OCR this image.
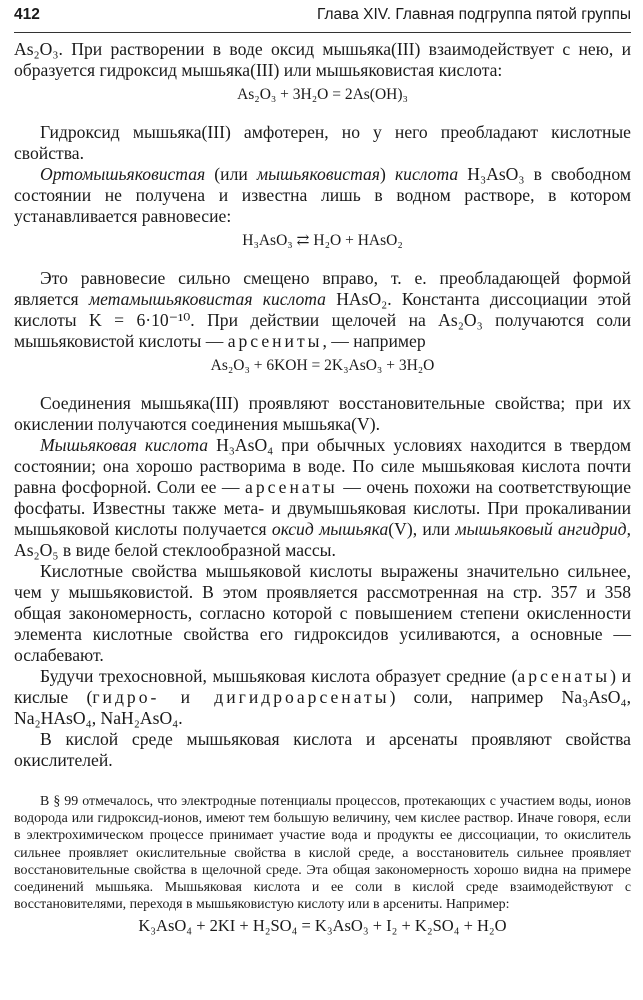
412	Глава XIV. Главная подгруппа пятой группы

As₂O₃. При растворении в воде оксид мышьяка(III) взаимодействует с нею, и образуется гидроксид мышьяка(III) или мышьяковистая кислота:

As₂O₃ + 3H₂O = 2As(OH)₃

Гидроксид мышьяка(III) амфотерен, но у него преобладают кислотные свойства.

Ортомышьяковистая (или мышьяковистая) кислота H₃AsO₃ в свободном состоянии не получена и известна лишь в водном растворе, в котором устанавливается равновесие:

H₃AsO₃ ⇄ H₂O + HAsO₂

Это равновесие сильно смещено вправо, т. е. преобладающей формой является метамышьяковистая кислота HAsO₂. Константа диссоциации этой кислоты K = 6·10⁻¹⁰. При действии щелочей на As₂O₃ получаются соли мышьяковистой кислоты — арсениты, — например

As₂O₃ + 6KOH = 2K₃AsO₃ + 3H₂O

Соединения мышьяка(III) проявляют восстановительные свойства; при их окислении получаются соединения мышьяка(V).

Мышьяковая кислота H₃AsO₄ при обычных условиях находится в твердом состоянии; она хорошо растворима в воде. По силе мышьяковая кислота почти равна фосфорной. Соли ее — арсенаты — очень похожи на соответствующие фосфаты. Известны также мета- и двумышьяковая кислоты. При прокаливании мышьяковой кислоты получается оксид мышьяка(V), или мышьяковый ангидрид, As₂O₅ в виде белой стеклообразной массы.

Кислотные свойства мышьяковой кислоты выражены значительно сильнее, чем у мышьяковистой. В этом проявляется рассмотренная на стр. 357 и 358 общая закономерность, согласно которой с повышением степени окисленности элемента кислотные свойства его гидроксидов усиливаются, а основные — ослабевают.

Будучи трехосновной, мышьяковая кислота образует средние (арсенаты) и кислые (гидро- и дигидроарсенаты) соли, например Na₃AsO₄, Na₂HAsO₄, NaH₂AsO₄.

В кислой среде мышьяковая кислота и арсенаты проявляют свойства окислителей.

В § 99 отмечалось, что электродные потенциалы процессов, протекающих с участием воды, ионов водорода или гидроксид-ионов, имеют тем большую величину, чем кислее раствор. Иначе говоря, если в электрохимическом процессе принимает участие вода и продукты ее диссоциации, то окислитель сильнее проявляет окислительные свойства в кислой среде, а восстановитель сильнее проявляет восстановительные свойства в щелочной среде. Эта общая закономерность хорошо видна на примере соединений мышьяка. Мышьяковая кислота и ее соли в кислой среде взаимодействуют с восстановителями, переходя в мышьяковистую кислоту или в арсениты. Например:

K₃AsO₄ + 2KI + H₂SO₄ = K₃AsO₃ + I₂ + K₂SO₄ + H₂O
